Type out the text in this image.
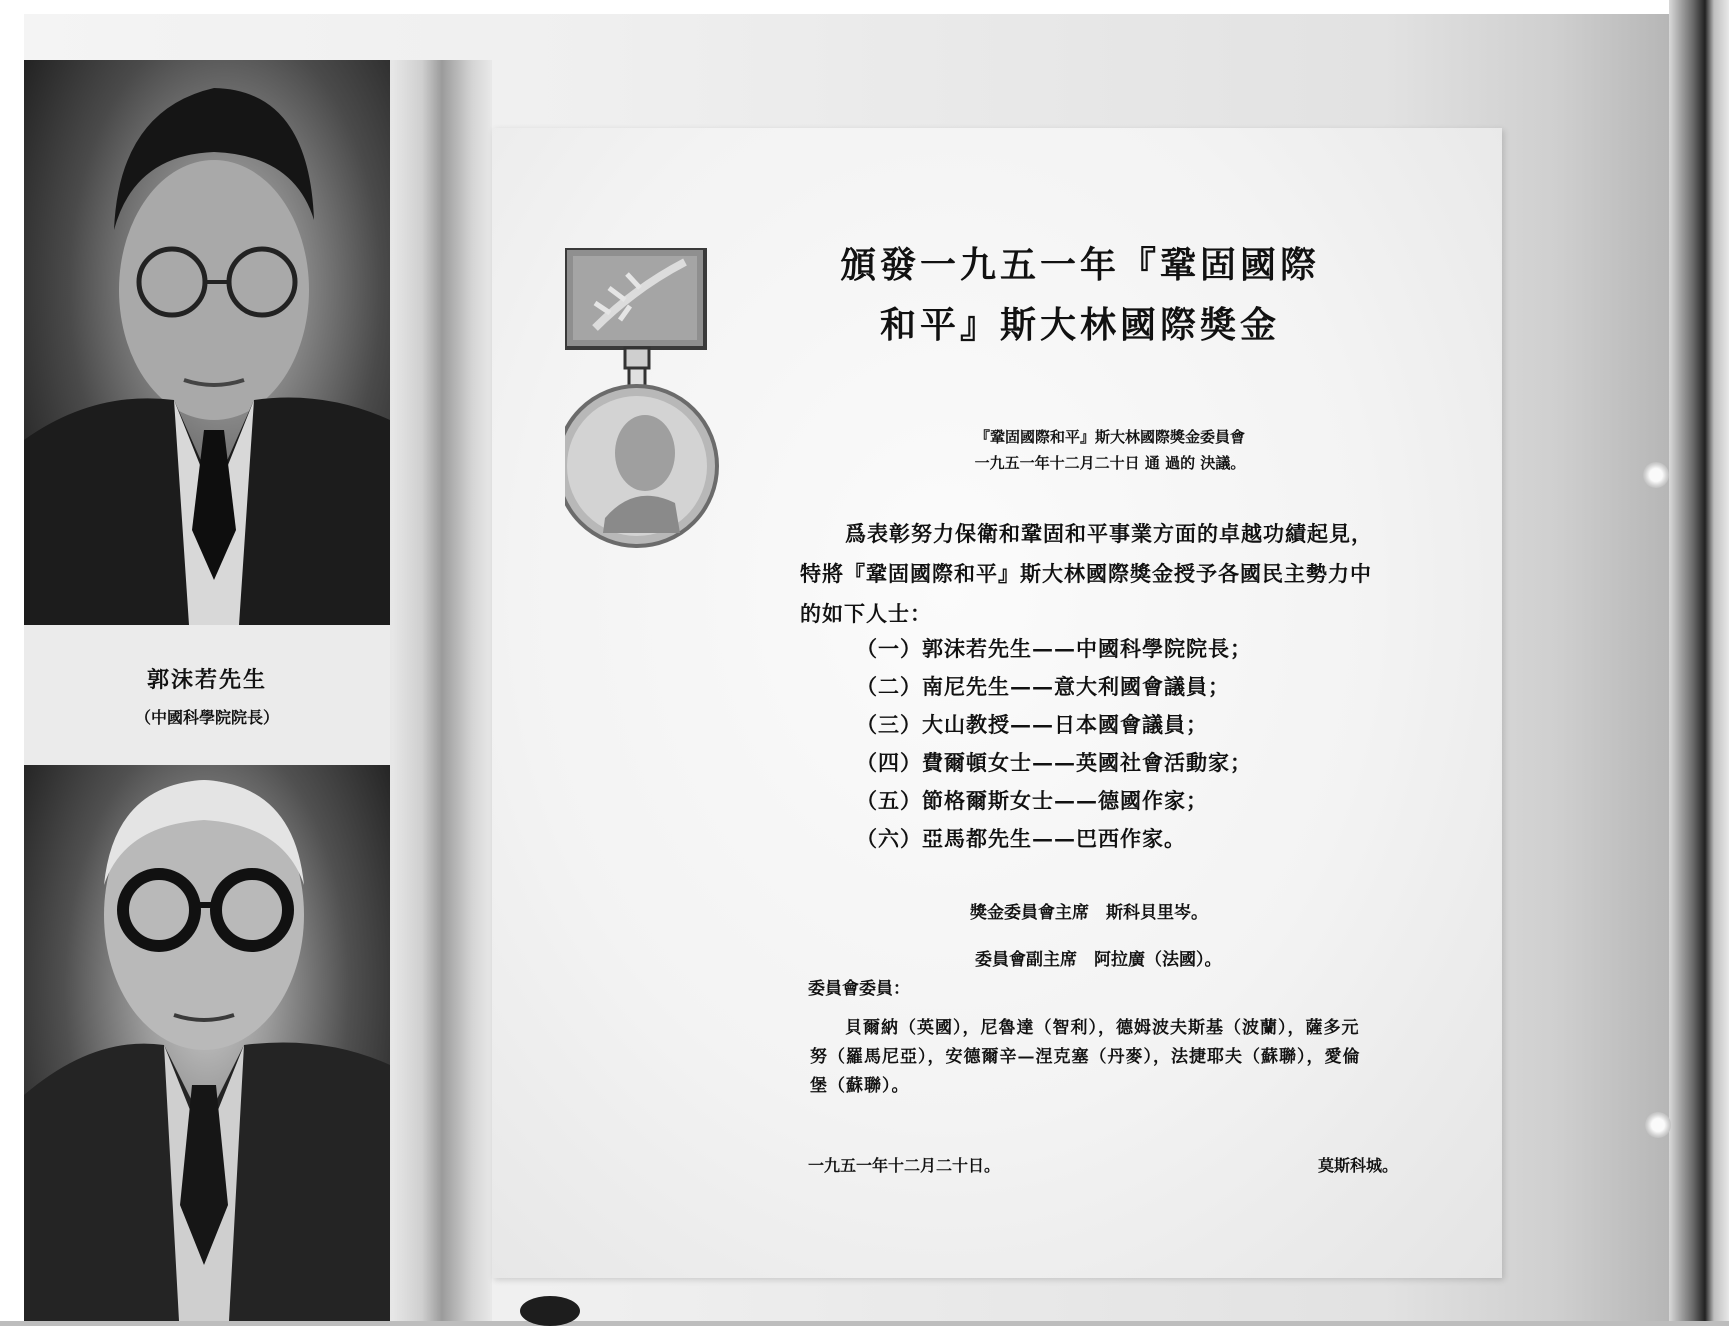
郭沫若先生
（中國科學院院長）
頒發一九五一年『鞏固國際
和平』斯大林國際獎金
『鞏固國際和平』斯大林國際獎金委員會
一九五一年十二月二十日 通 過的 決議。
爲表彰努力保衛和鞏固和平事業方面的卓越功績起見，
特將『鞏固國際和平』斯大林國際獎金授予各國民主勢力中
的如下人士：
（一）郭沫若先生——中國科學院院長；
（二）南尼先生——意大利國會議員；
（三）大山教授——日本國會議員；
（四）費爾頓女士——英國社會活動家；
（五）節格爾斯女士——德國作家；
（六）亞馬都先生——巴西作家。
獎金委員會主席　斯科貝里岑。
委員會副主席　阿拉廣（法國）。
委員會委員：
貝爾納（英國），尼魯達（智利），德姆波夫斯基（波蘭），薩多元
努（羅馬尼亞），安德爾辛—涅克塞（丹麥），法捷耶夫（蘇聯），愛倫
堡（蘇聯）。
一九五一年十二月二十日。	莫斯科城。
